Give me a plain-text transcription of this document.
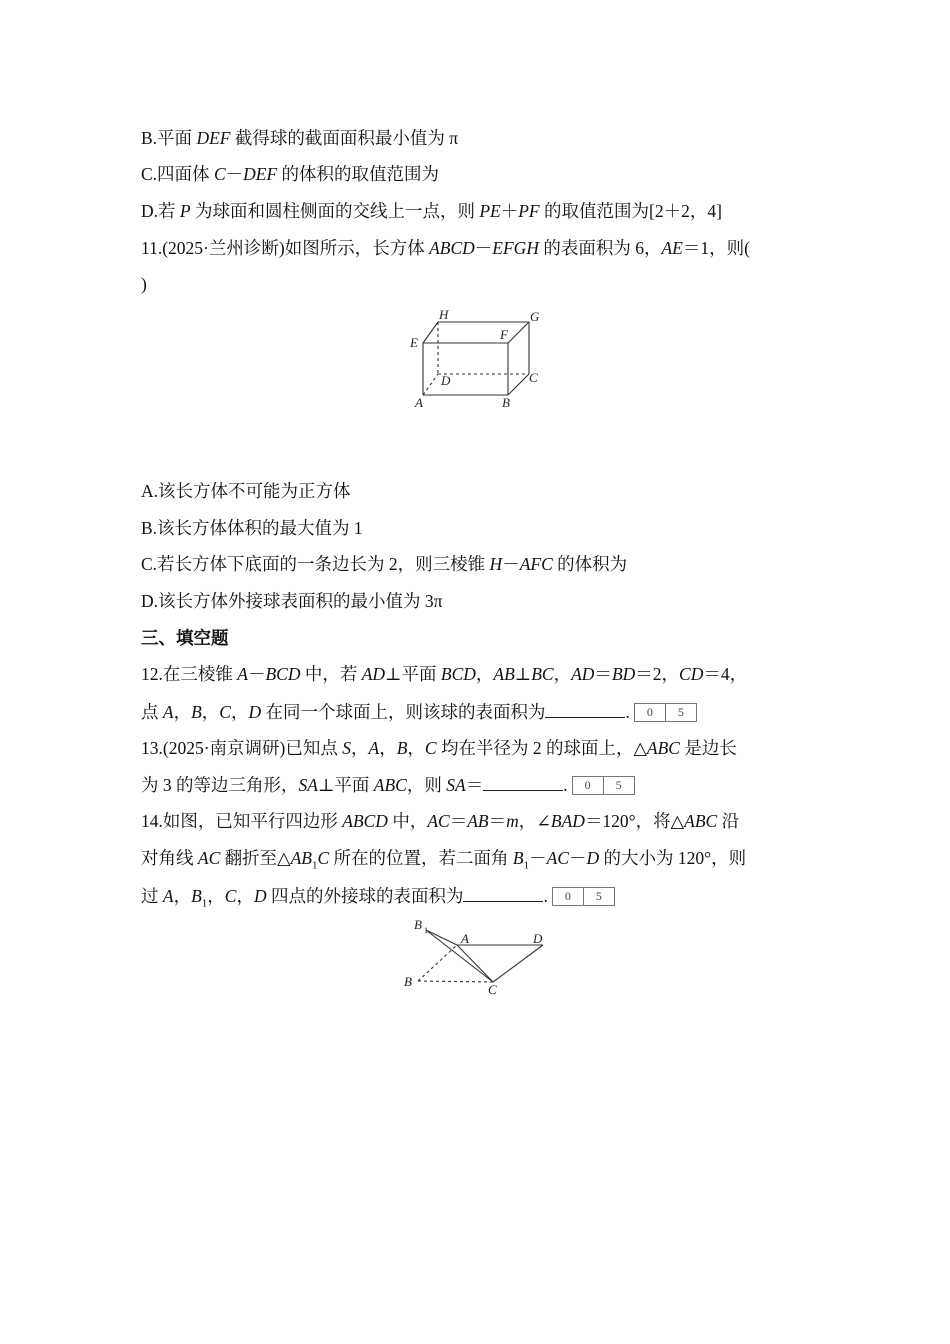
B.平面 DEF 截得球的截面面积最小值为 π
C.四面体 C－DEF 的体积的取值范围为
D.若 P 为球面和圆柱侧面的交线上一点，则 PE＋PF 的取值范围为[2＋2，4]
11.(2025·兰州诊断)如图所示，长方体 ABCD－EFGH 的表面积为 6，AE＝1，则(
)
H	G
E
F
D	C
A	B
A.该长方体不可能为正方体
B.该长方体体积的最大值为 1
C.若长方体下底面的一条边长为 2，则三棱锥 H－AFC 的体积为
D.该长方体外接球表面积的最小值为 3π
三、填空题
12.在三棱锥 A－BCD 中，若 AD⊥平面 BCD，AB⊥BC，AD＝BD＝2，CD＝4，
点 A，B，C，D 在同一个球面上，则该球的表面积为	. 0 5
13.(2025·南京调研)已知点 S，A，B，C 均在半径为 2 的球面上，△ABC 是边长
为 3 的等边三角形，SA⊥平面 ABC，则 SA＝	. 0 5
14.如图，已知平行四边形 ABCD 中，AC＝AB＝m，∠BAD＝120°，将△ABC 沿
对角线 AC 翻折至$\triangle AB_1C$ 所在的位置，若二面角 $B_1-AC-D$ 的大小为 120°，则
过 A，$B_1$，C，D 四点的外接球的表面积为	. 0 5
B 1
A	D
B
C
